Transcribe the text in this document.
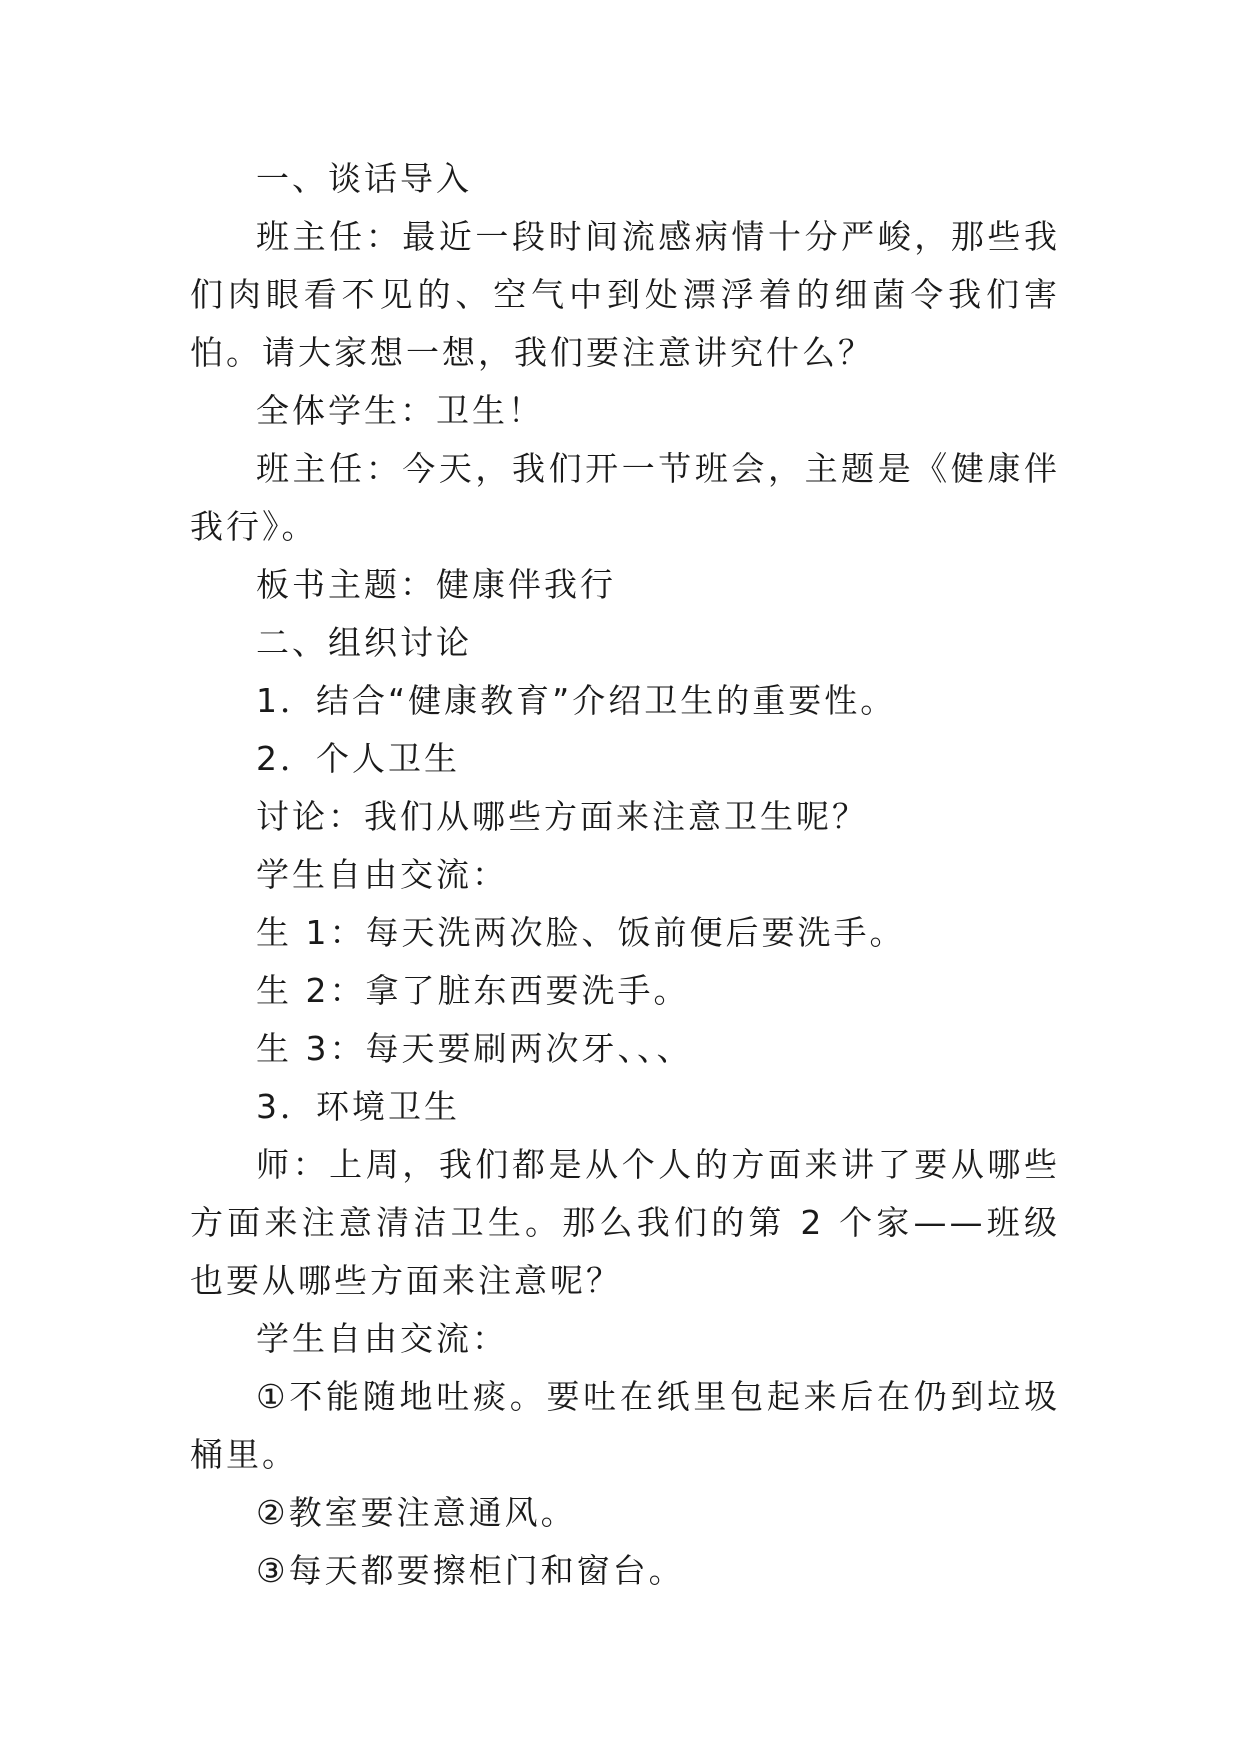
一、谈话导入

班主任：最近一段时间流感病情十分严峻，那些我们肉眼看不见的、空气中到处漂浮着的细菌令我们害怕。请大家想一想，我们要注意讲究什么？

全体学生：卫生！

班主任：今天，我们开一节班会，主题是《健康伴我行》。

板书主题：健康伴我行

二、组织讨论

1．结合“健康教育”介绍卫生的重要性。

2．个人卫生

讨论：我们从哪些方面来注意卫生呢？

学生自由交流：

生 1：每天洗两次脸、饭前便后要洗手。

生 2：拿了脏东西要洗手。

生 3：每天要刷两次牙、、、

3．环境卫生

师：上周，我们都是从个人的方面来讲了要从哪些方面来注意清洁卫生。那么我们的第 2 个家——班级也要从哪些方面来注意呢？

学生自由交流：

①不能随地吐痰。要吐在纸里包起来后在仍到垃圾桶里。

②教室要注意通风。

③每天都要擦柜门和窗台。
